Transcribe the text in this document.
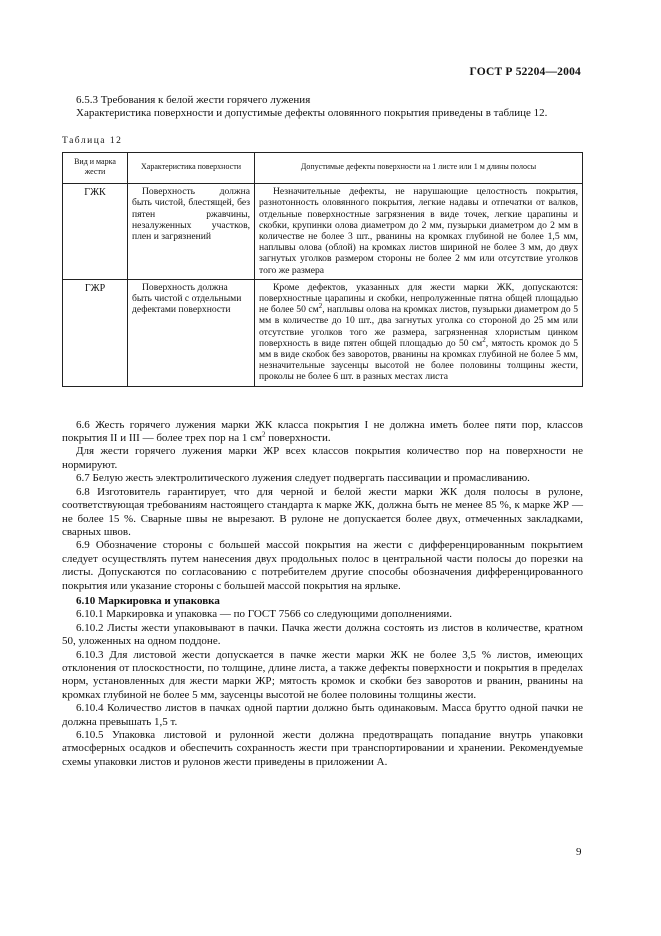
ГОСТ Р 52204—2004

6.5.3 Требования к белой жести горячего лужения

Характеристика поверхности и допустимые дефекты оловянного покрытия приведены в таблице 12.

Таблица 12
Вид и марка жести	Характеристика поверхности	Допустимые дефекты поверхности на 1 листе или 1 м длины полосы
ГЖК	Поверхность должна быть чистой, блестящей, без пятен ржавчины, незалуженных участков, плен и загрязнений	Незначительные дефекты, не нарушающие целостность покрытия, разнотонность оловянного покрытия, легкие надавы и отпечатки от валков, отдельные поверхностные загрязнения в виде точек, легкие царапины и скобки, крупинки олова диаметром до 2 мм, пузырьки диаметром до 2 мм в количестве не более 3 шт., рванины на кромках глубиной не более 1,5 мм, наплывы олова (облой) на кромках листов шириной не более 3 мм, до двух загнутых уголков размером стороны не более 2 мм или отсутствие уголков того же размера
ГЖР	Поверхность должна быть чистой с отдельными дефектами поверхности	Кроме дефектов, указанных для жести марки ЖК, допускаются: поверхностные царапины и скобки, непролуженные пятна общей площадью не более 50 $см^2$, наплывы олова на кромках листов, пузырьки диаметром до 5 мм в количестве до 10 шт., два загнутых уголка со стороной до 25 мм или отсутствие уголков того же размера, загрязненная хлористым цинком поверхность в виде пятен общей площадью до 50 $см^2$, мятость кромок до 5 мм в виде скобок без заворотов, рванины на кромках глубиной не более 5 мм, незначительные заусенцы высотой не более половины толщины жести, проколы не более 6 шт. в разных местах листа

6.6 Жесть горячего лужения марки ЖК класса покрытия I не должна иметь более пяти пор, классов покрытия II и III — более трех пор на 1 $см^2$ поверхности.

Для жести горячего лужения марки ЖР всех классов покрытия количество пор на поверхности не нормируют.

6.7 Белую жесть электролитического лужения следует подвергать пассивации и промасливанию.

6.8 Изготовитель гарантирует, что для черной и белой жести марки ЖК доля полосы в рулоне, соответствующая требованиям настоящего стандарта к марке ЖК, должна быть не менее 85 %, к марке ЖР — не более 15 %. Сварные швы не вырезают. В рулоне не допускается более двух, отмеченных закладками, сварных швов.

6.9 Обозначение стороны с большей массой покрытия на жести с дифференцированным покрытием следует осуществлять путем нанесения двух продольных полос в центральной части полосы до порезки на листы. Допускаются по согласованию с потребителем другие способы обозначения дифференцированного покрытия или указание стороны с большей массой покрытия на ярлыке.

6.10 Маркировка и упаковка

6.10.1 Маркировка и упаковка — по ГОСТ 7566 со следующими дополнениями.

6.10.2 Листы жести упаковывают в пачки. Пачка жести должна состоять из листов в количестве, кратном 50, уложенных на одном поддоне.

6.10.3 Для листовой жести допускается в пачке жести марки ЖК не более 3,5 % листов, имеющих отклонения от плоскостности, по толщине, длине листа, а также дефекты поверхности и покрытия в пределах норм, установленных для жести марки ЖР; мятость кромок и скобки без заворотов и рванин, рванины на кромках глубиной не более 5 мм, заусенцы высотой не более половины толщины жести.

6.10.4 Количество листов в пачках одной партии должно быть одинаковым. Масса брутто одной пачки не должна превышать 1,5 т.

6.10.5 Упаковка листовой и рулонной жести должна предотвращать попадание внутрь упаковки атмосферных осадков и обеспечить сохранность жести при транспортировании и хранении. Рекомендуемые схемы упаковки листов и рулонов жести приведены в приложении А.

9
